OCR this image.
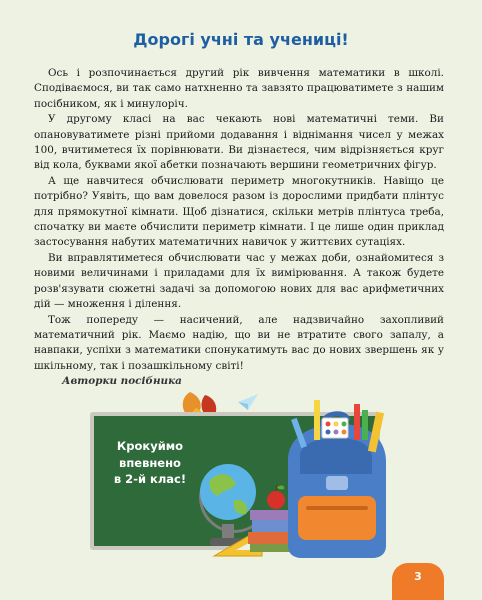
Дорогі учні та учениці!

Ось і розпочинається другий рік вивчення математики в школі. Сподіваємося, ви так само натхненно та завзято працюватимете з нашим посібником, як і минулоріч.

У другому класі на вас чекають нові математичні теми. Ви опановуватимете різні прийоми додавання і віднімання чисел у межах 100, вчитиметеся їх порівнювати. Ви дізнаєтеся, чим відрізняється круг від кола, буквами якої абетки позначають вершини геометричних фігур.

А ще навчитеся обчислювати периметр многокутників. Навіщо це потрібно? Уявіть, що вам довелося разом із дорослими придбати плінтус для прямокутної кімнати. Щоб дізнатися, скільки метрів плінтуса треба, спочатку ви маєте обчислити периметр кімнати. І це лише один приклад застосування набутих математичних навичок у життєвих сутаціях.

Ви вправлятиметеся обчислювати час у межах доби, ознайомитеся з новими величинами і приладами для їх вимірювання. А також будете розв'язувати сюжетні задачі за допомогою нових для вас арифметичних дій — множення і ділення.

Тож попереду — насичений, але надзвичайно захопливий математичний рік. Маємо надію, що ви не втратите свого запалу, а навпаки, успіхи з математики спонукатимуть вас до нових звершень як у шкільному, так і позашкільному світі!

Авторки посібника

Крокуймо
впевнено
в 2-й клас!
3
